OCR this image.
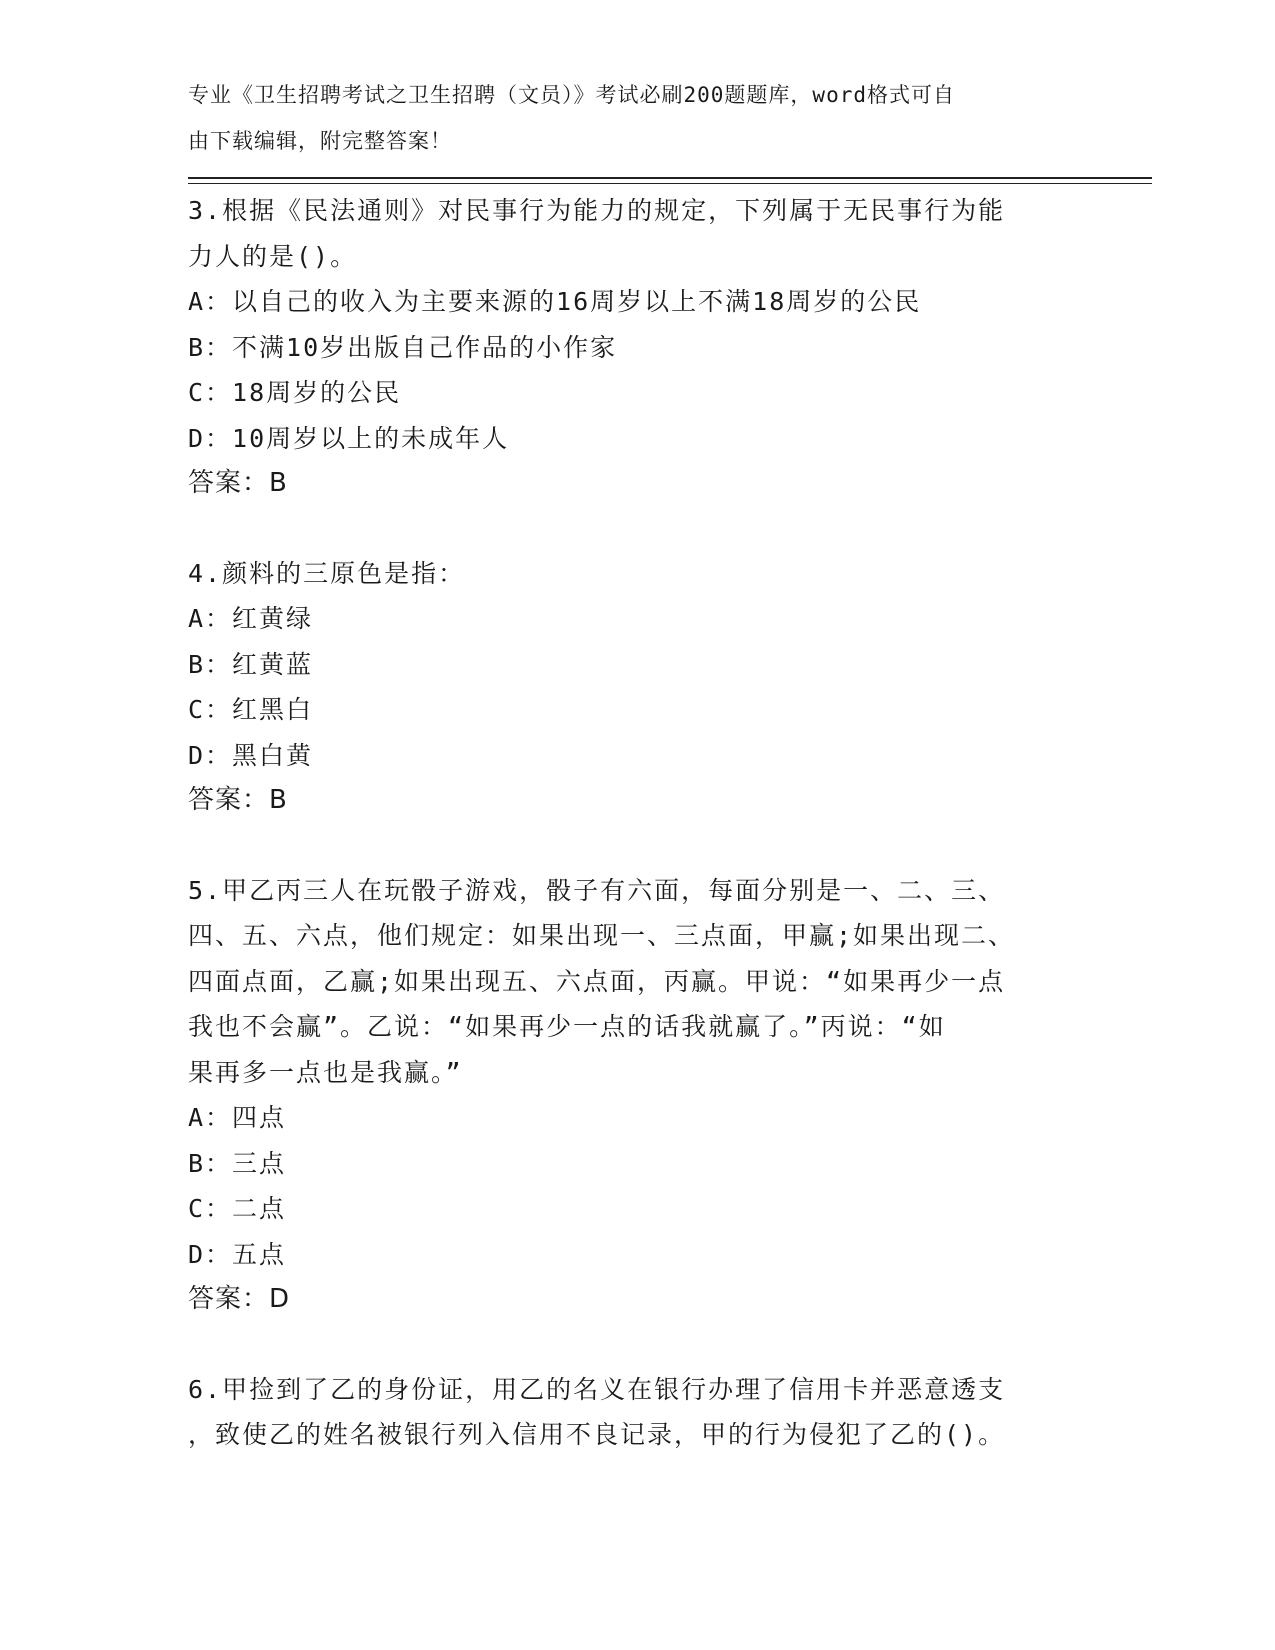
专业《卫生招聘考试之卫生招聘（文员）》考试必刷200题题库，word格式可自
由下载编辑，附完整答案！
3.根据《民法通则》对民事行为能力的规定，下列属于无民事行为能
力人的是()。
A：以自己的收入为主要来源的16周岁以上不满18周岁的公民
B：不满10岁出版自己作品的小作家
C：18周岁的公民
D：10周岁以上的未成年人
答案：B
4.颜料的三原色是指：
A：红黄绿
B：红黄蓝
C：红黑白
D：黑白黄
答案：B
5.甲乙丙三人在玩骰子游戏，骰子有六面，每面分别是一、二、三、
四、五、六点，他们规定：如果出现一、三点面，甲赢;如果出现二、
四面点面，乙赢;如果出现五、六点面，丙赢。甲说：“如果再少一点
我也不会赢”。乙说：“如果再少一点的话我就赢了。”丙说：“如
果再多一点也是我赢。”
A：四点
B：三点
C：二点
D：五点
答案：D
6.甲捡到了乙的身份证，用乙的名义在银行办理了信用卡并恶意透支
，致使乙的姓名被银行列入信用不良记录，甲的行为侵犯了乙的()。
